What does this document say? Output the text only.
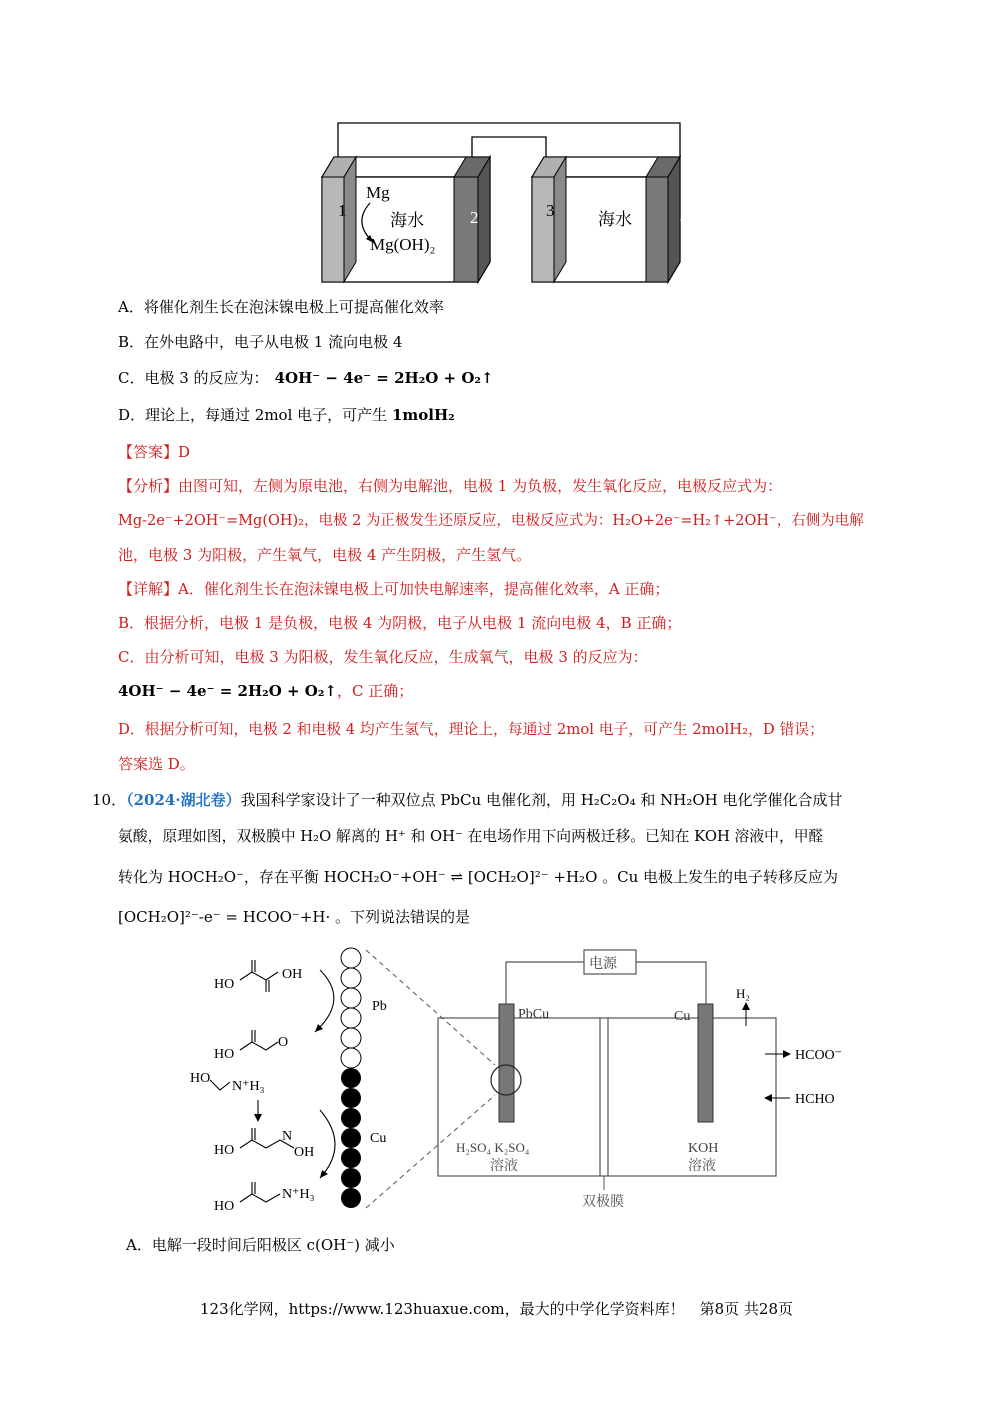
1	2	3	4
Mg
海水
Mg(OH)₂
海水
A．将催化剂生长在泡沫镍电极上可提高催化效率
B．在外电路中，电子从电极 1 流向电极 4
C．电极 3 的反应为： 4OH⁻ − 4e⁻ = 2H₂O + O₂↑
D．理论上，每通过 2mol 电子，可产生 1molH₂
【答案】D
【分析】由图可知，左侧为原电池，右侧为电解池，电极 1 为负极，发生氧化反应，电极反应式为：
Mg-2e⁻+2OH⁻=Mg(OH)₂，电极 2 为正极发生还原反应，电极反应式为：H₂O+2e⁻=H₂↑+2OH⁻，右侧为电解
池，电极 3 为阳极，产生氧气，电极 4 产生阴极，产生氢气。
【详解】A．催化剂生长在泡沫镍电极上可加快电解速率，提高催化效率，A 正确；
B．根据分析，电极 1 是负极，电极 4 为阴极，电子从电极 1 流向电极 4，B 正确；
C．由分析可知，电极 3 为阳极，发生氧化反应，生成氧气，电极 3 的反应为：
4OH⁻ − 4e⁻ = 2H₂O + O₂↑，C 正确；
D．根据分析可知，电极 2 和电极 4 均产生氢气，理论上，每通过 2mol 电子，可产生 2molH₂，D 错误；
答案选 D。
10．（2024·湖北卷）我国科学家设计了一种双位点 PbCu 电催化剂，用 H₂C₂O₄ 和 NH₂OH 电化学催化合成甘
氨酸，原理如图，双极膜中 H₂O 解离的 H⁺ 和 OH⁻ 在电场作用下向两极迁移。已知在 KOH 溶液中，甲醛
转化为 HOCH₂O⁻，存在平衡 HOCH₂O⁻+OH⁻ ⇌ [OCH₂O]²⁻ +H₂O 。Cu 电极上发生的电子转移反应为
[OCH₂O]²⁻-e⁻ = HCOO⁻+H· 。下列说法错误的是
HO
OH
HO
O
HO
N⁺H₃
HO
N
OH
HO
N⁺H₃
Pb
Cu
电源
PbCu	Cu
H₂
HCOO⁻
HCHO
H₂SO₄ K₂SO₄
溶液
KOH
溶液
双极膜
A．电解一段时间后阳极区 c(OH⁻) 减小
123化学网，https://www.123huaxue.com，最大的中学化学资料库！　第8页 共28页
